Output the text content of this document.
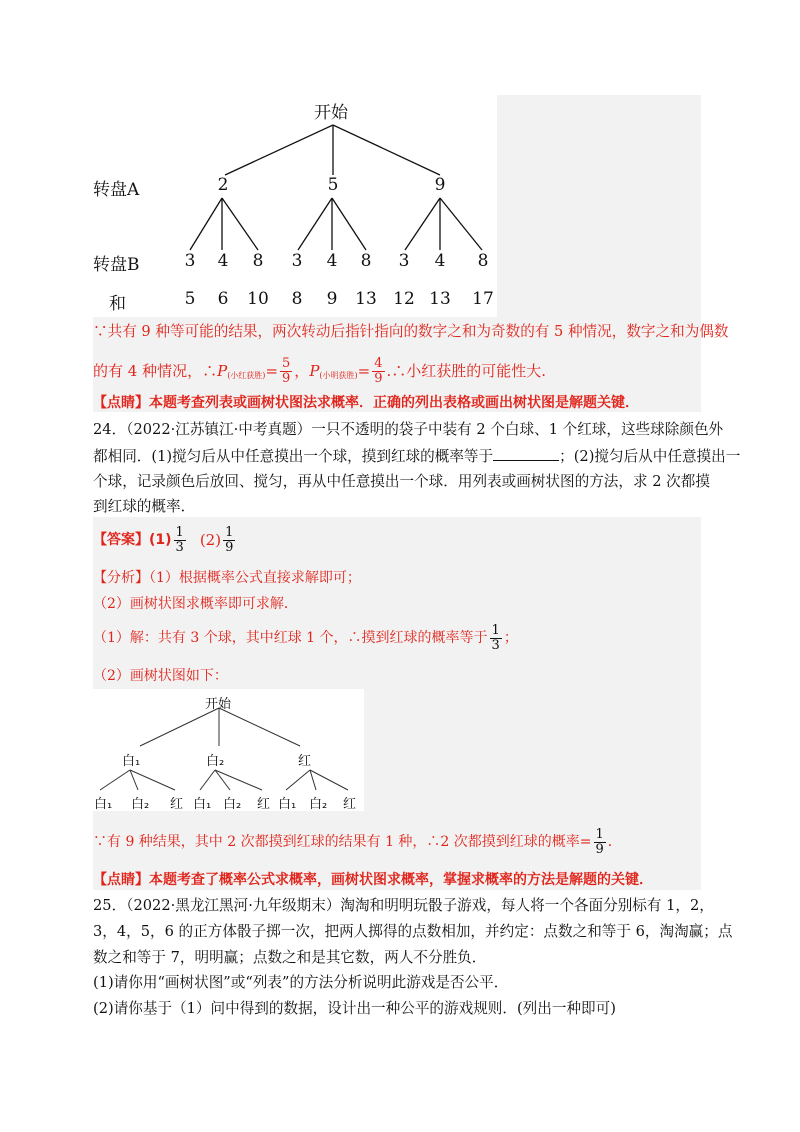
开始
转盘A
转盘B
和
2	5	9
3	4	8	3	4	8	3	4	8
5	6	10	8	9	13 12 13 17
∵共有 9 种等可能的结果，两次转动后指针指向的数字之和为奇数的有 5 种情况，数字之和为偶数
的有 4 种情况，∴ P (小红获胜) = $\frac{5}{9}$ ， P (小明获胜) = $\frac{4}{9}$ .∴小红获胜的可能性大.
【点睛】本题考查列表或画树状图法求概率．正确的列出表格或画出树状图是解题关键．
24．（2022·江苏镇江·中考真题）一只不透明的袋子中装有 2 个白球、1 个红球，这些球除颜色外
都相同．(1)搅匀后从中任意摸出一个球，摸到红球的概率等于	；(2)搅匀后从中任意摸出一
个球，记录颜色后放回、搅匀，再从中任意摸出一个球．用列表或画树状图的方法，求 2 次都摸
到红球的概率．
【答案】$(1) \frac{1}{3} (2) \frac{1}{9}$
【分析】（1）根据概率公式直接求解即可；
（2）画树状图求概率即可求解．
（1）解：共有 3 个球，其中红球 1 个，∴摸到红球的概率等于 $\frac{1}{3}$ ；
（2）画树状图如下：
开始
白₁	白₂	红
白₁ 白₂ 红 白₁ 白₂ 红 白₁ 白₂ 红
∵有 9 种结果，其中 2 次都摸到红球的结果有 1 种，∴2 次都摸到红球的概率= $\frac{1}{9}$ ．
【点睛】本题考查了概率公式求概率，画树状图求概率，掌握求概率的方法是解题的关键．
25．（2022·黑龙江黑河·九年级期末）淘淘和明明玩骰子游戏，每人将一个各面分别标有 1，2，
3，4，5，6 的正方体骰子掷一次，把两人掷得的点数相加，并约定：点数之和等于 6，淘淘赢；点
数之和等于 7，明明赢；点数之和是其它数，两人不分胜负．
(1)请你用“画树状图”或“列表”的方法分析说明此游戏是否公平．
(2)请你基于（1）问中得到的数据，设计出一种公平的游戏规则．(列出一种即可)
